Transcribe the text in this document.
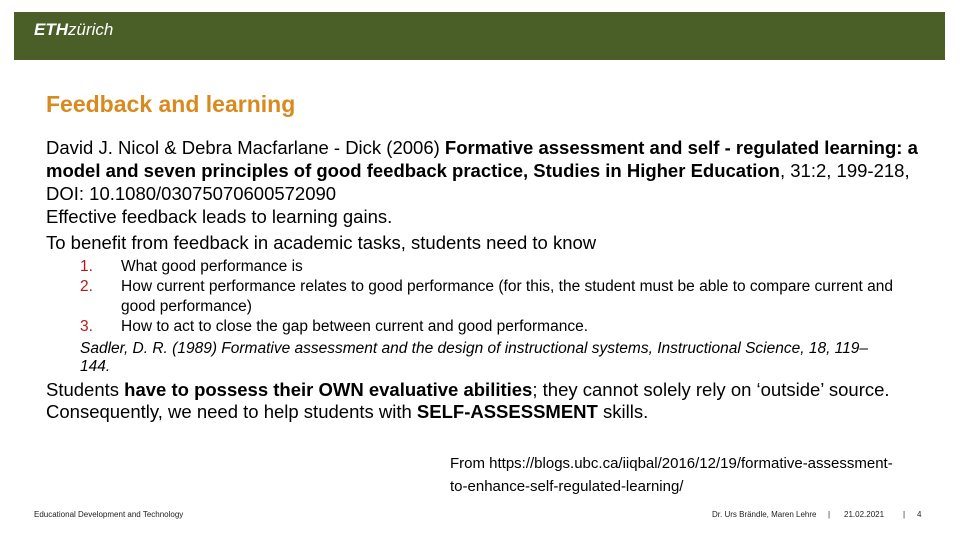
ETHzürich
Feedback and learning
David J. Nicol & Debra Macfarlane - Dick (2006) Formative assessment and self - regulated learning: a model and seven principles of good feedback practice, Studies in Higher Education, 31:2, 199-218, DOI: 10.1080/03075070600572090
Effective feedback leads to learning gains.
To benefit from feedback in academic tasks, students need to know
1. What good performance is
2. How current performance relates to good performance (for this, the student must be able to compare current and good performance)
3. How to act to close the gap between current and good performance.
Sadler, D. R. (1989) Formative assessment and the design of instructional systems, Instructional Science, 18, 119–144.
Students have to possess their OWN evaluative abilities; they cannot solely rely on ‘outside’ source. Consequently, we need to help students with SELF-ASSESSMENT skills.
From https://blogs.ubc.ca/iiqbal/2016/12/19/formative-assessment-to-enhance-self-regulated-learning/
Educational Development and Technology	Dr. Urs Brändle, Maren Lehre | 21.02.2021 | 4
